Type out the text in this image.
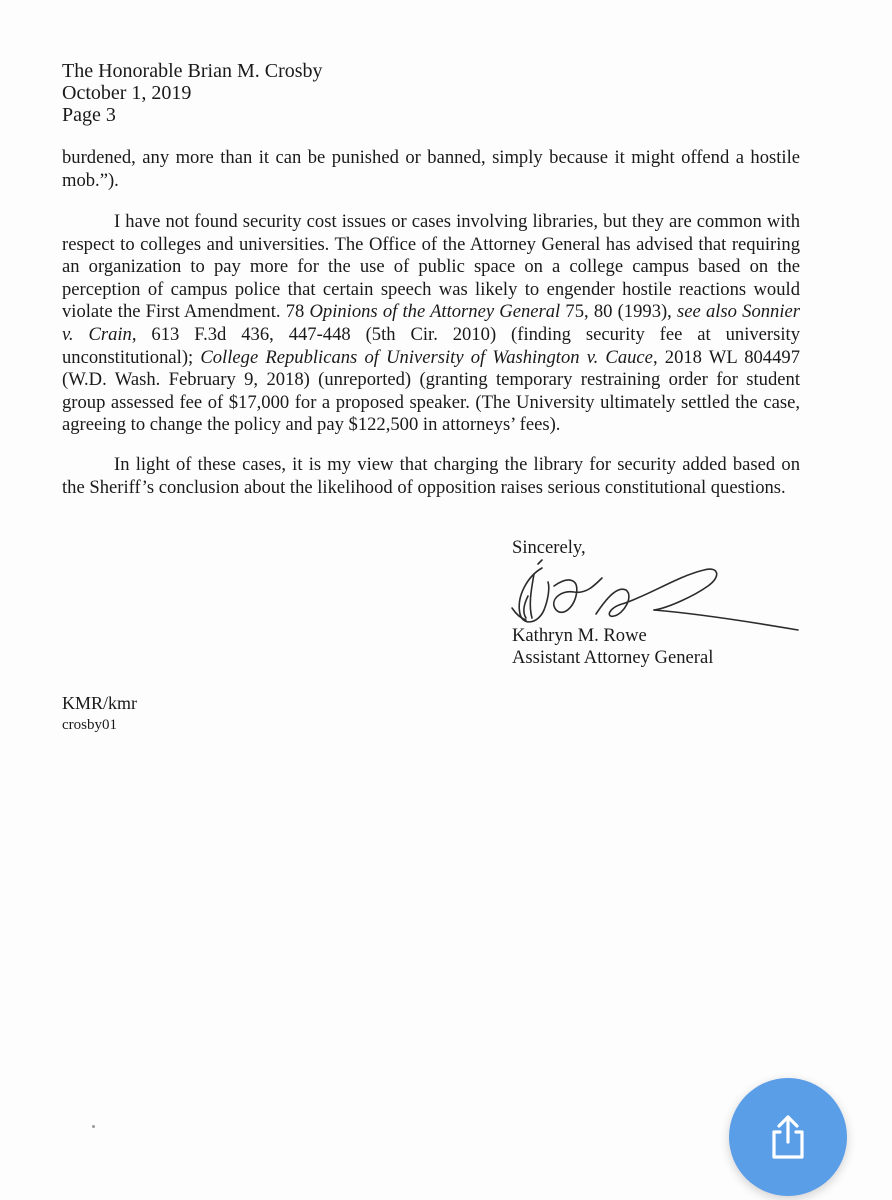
The Honorable Brian M. Crosby
October 1, 2019
Page 3
burdened, any more than it can be punished or banned, simply because it might offend a hostile mob.”).
I have not found security cost issues or cases involving libraries, but they are common with respect to colleges and universities. The Office of the Attorney General has advised that requiring an organization to pay more for the use of public space on a college campus based on the perception of campus police that certain speech was likely to engender hostile reactions would violate the First Amendment. 78 Opinions of the Attorney General 75, 80 (1993), see also Sonnier v. Crain, 613 F.3d 436, 447-448 (5th Cir. 2010) (finding security fee at university unconstitutional); College Republicans of University of Washington v. Cauce, 2018 WL 804497 (W.D. Wash. February 9, 2018) (unreported) (granting temporary restraining order for student group assessed fee of $17,000 for a proposed speaker. (The University ultimately settled the case, agreeing to change the policy and pay $122,500 in attorneys’ fees).
In light of these cases, it is my view that charging the library for security added based on the Sheriff’s conclusion about the likelihood of opposition raises serious constitutional questions.
Sincerely,
Kathryn M. Rowe
Assistant Attorney General
KMR/kmr
crosby01
